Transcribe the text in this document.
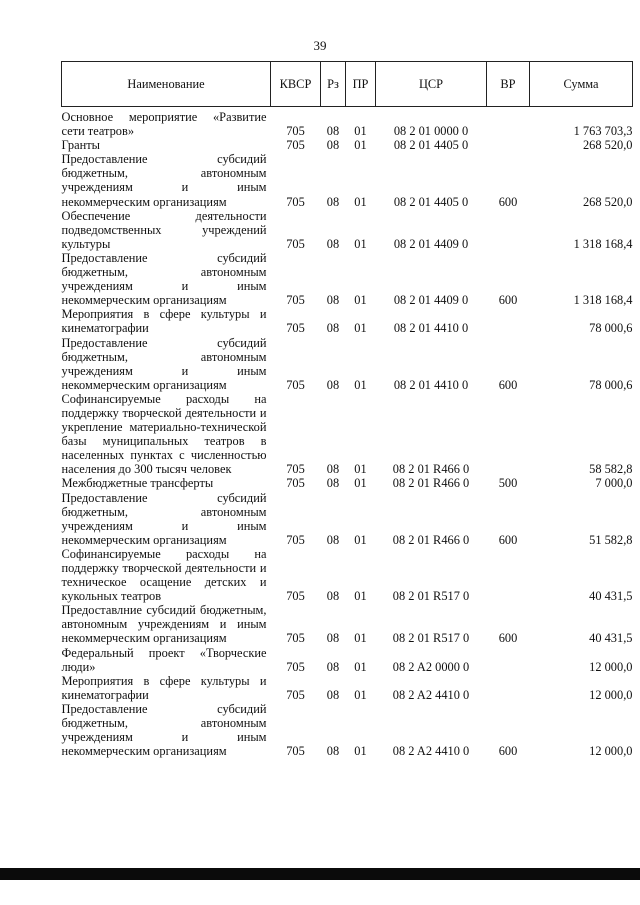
39
Наименование	КВСР	Рз	ПР	ЦСР	ВР	Сумма
Основное мероприятие «Развитие сети театров»	705	08	01	08 2 01 0000 0		1 763 703,3
Гранты	705	08	01	08 2 01 4405 0		268 520,0
Предоставление субсидий бюджетным, автономным учреждениям и иным некоммерческим организациям	705	08	01	08 2 01 4405 0	600	268 520,0
Обеспечение деятельности подведомственных учреждений культуры	705	08	01	08 2 01 4409 0		1 318 168,4
Предоставление субсидий бюджетным, автономным учреждениям и иным некоммерческим организациям	705	08	01	08 2 01 4409 0	600	1 318 168,4
Мероприятия в сфере культуры и кинематографии	705	08	01	08 2 01 4410 0		78 000,6
Предоставление субсидий бюджетным, автономным учреждениям и иным некоммерческим организациям	705	08	01	08 2 01 4410 0	600	78 000,6
Софинансируемые расходы на поддержку творческой деятельности и укрепление материально-технической базы муниципальных театров в населенных пунктах с численностью населения до 300 тысяч человек	705	08	01	08 2 01 R466 0		58 582,8
Межбюджетные трансферты	705	08	01	08 2 01 R466 0	500	7 000,0
Предоставление субсидий бюджетным, автономным учреждениям и иным некоммерческим организациям	705	08	01	08 2 01 R466 0	600	51 582,8
Софинансируемые расходы на поддержку творческой деятельности и техническое осащение детских и кукольных театров	705	08	01	08 2 01 R517 0		40 431,5
Предоставлние субсидий бюджетным, автономным учреждениям и иным некоммерческим организациям	705	08	01	08 2 01 R517 0	600	40 431,5
Федеральный проект «Творческие люди»	705	08	01	08 2 A2 0000 0		12 000,0
Мероприятия в сфере культуры и кинематографии	705	08	01	08 2 A2 4410 0		12 000,0
Предоставление субсидий бюджетным, автономным учреждениям и иным некоммерческим организациям	705	08	01	08 2 A2 4410 0	600	12 000,0
